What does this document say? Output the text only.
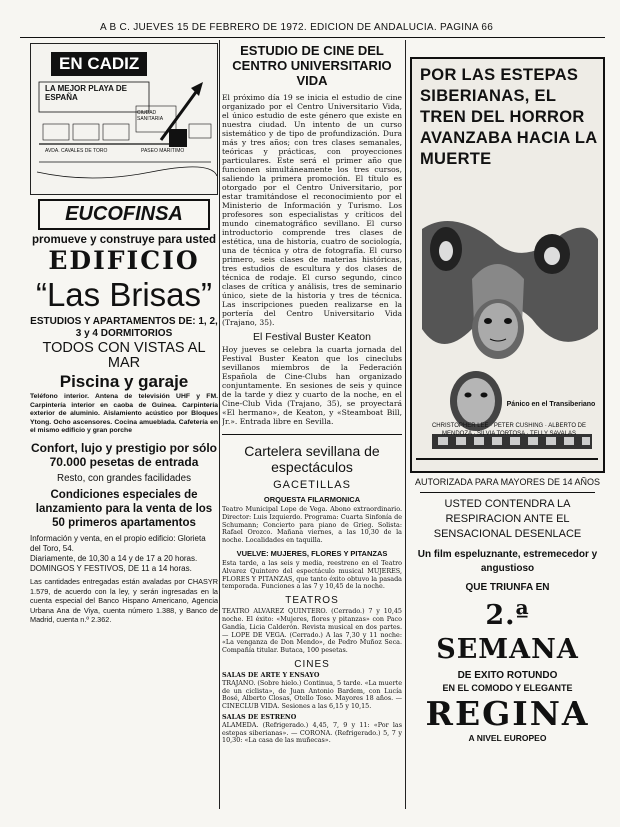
A B C. JUEVES 15 DE FEBRERO DE 1972. EDICION DE ANDALUCIA. PAGINA 66
EN CADIZ
LA MEJOR PLAYA DE ESPAÑA
AVDA. CAVALES DE TORO
CIUDAD SANITARIA
PASEO MARITIMO
EUCOFINSA

promueve y construye para usted

EDIFICIO

“Las Brisas”

ESTUDIOS Y APARTAMENTOS DE: 1, 2, 3 y 4 DORMITORIOS

TODOS CON VISTAS AL MAR

Piscina y garaje

Teléfono interior. Antena de televisión UHF y FM. Carpintería interior en caoba de Guinea. Carpintería exterior de aluminio. Aislamiento acústico por Bloques Ytong. Ocho ascensores. Cocina amueblada. Cafetería en el mismo edificio y gran porche

Confort, lujo y prestigio por sólo 70.000 pesetas de entrada

Resto, con grandes facilidades

Condiciones especiales de lanzamiento para la venta de los 50 primeros apartamentos

Información y venta, en el propio edificio: Glorieta del Toro, 54.

Diariamente, de 10,30 a 14 y de 17 a 20 horas.

DOMINGOS Y FESTIVOS, DE 11 a 14 horas.

Las cantidades entregadas están avaladas por CHASYR 1.579, de acuerdo con la ley, y serán ingresadas en la cuenta especial del Banco Hispano Americano, Agencia Urbana Ana de Viya, cuenta número 1.388, y Banco de Madrid, cuenta n.º 2.362.

ESTUDIO DE CINE DEL CENTRO UNIVERSITARIO VIDA

El próximo día 19 se inicia el estudio de cine organizado por el Centro Universitario Vida, el único estudio de este género que existe en nuestra ciudad. Un intento de un curso sistemático y de tipo de profundización. Dura más y tres años; con tres clases semanales, teóricas y prácticas, con proyecciones particulares. Este será el primer año que funcionen simultáneamente los tres cursos, saliendo la primera promoción. El título es otorgado por el Centro Universitario, por estar tramitándose el reconocimiento por el Ministerio de Información y Turismo. Los profesores son especialistas y críticos del mundo cinematográfico sevillano. El curso introductorio comprende tres clases de estética, una de historia, cuatro de sociología, una de técnica y otra de fotografía. El curso primero, seis clases de materias históricas, tres estudios de escultura y dos clases de técnica de rodaje. El curso segundo, cinco clases de crítica y análisis, tres de seminario único, siete de la historia y tres de técnica. Las inscripciones pueden realizarse en la portería del Centro Universitario Vida (Trajano, 35).

El Festival Buster Keaton

Hoy jueves se celebra la cuarta jornada del Festival Buster Keaton que los cineclubs sevillanos miembros de la Federación Española de Cine-Clubs han organizado conjuntamente. En sesiones de seis y quince de la tarde y diez y cuarto de la noche, en el Cine-Club Vida (Trajano, 35), se proyectará «El hermano», de Keaton, y «Steamboat Bill, Jr.». Entrada libre en Sevilla.

Cartelera sevillana de espectáculos

GACETILLAS

ORQUESTA FILARMONICA

Teatro Municipal Lope de Vega. Abono extraordinario. Director: Luis Izquierdo. Programa: Cuarta Sinfonía de Schumann; Concierto para piano de Grieg. Solista: Rafael Orozco. Mañana viernes, a las 10,30 de la noche. Localidades en taquilla.

VUELVE: MUJERES, FLORES Y PITANZAS

Esta tarde, a las seis y media, reestreno en el Teatro Alvarez Quintero del espectáculo musical MUJERES, FLORES Y PITANZAS, que tanto éxito obtuvo la pasada temporada. Funciones a las 7 y 10,45 de la noche.

TEATROS

TEATRO ALVAREZ QUINTERO. (Cerrado.) 7 y 10,45 noche. El éxito: «Mujeres, flores y pitanzas» con Paco Gandía, Licia Calderón. Revista musical en dos partes. — LOPE DE VEGA. (Cerrado.) A las 7,30 y 11 noche: «La venganza de Don Mendo», de Pedro Muñoz Seca. Compañía titular. Butaca, 100 pesetas.

CINES

SALAS DE ARTE Y ENSAYO

TRAJANO. (Sobre hielo.) Continua, 5 tarde. «La muerte de un ciclista», de Juan Antonio Bardem, con Lucía Bosé, Alberto Closas, Otello Toso. Mayores 18 años. — CINECLUB VIDA. Sesiones a las 6,15 y 10,15.

SALAS DE ESTRENO

ALAMEDA. (Refrigerado.) 4,45, 7, 9 y 11: «Por las estepas siberianas». — CORONA. (Refrigerado.) 5, 7 y 10,30: «La casa de las muñecas».

POR LAS ESTEPAS SIBERIANAS, EL TREN DEL HORROR AVANZABA HACIA LA MUERTE

Pánico en el Transiberiano

CHRISTOPHER LEE · PETER CUSHING · ALBERTO DE MENDOZA · SILVIA TORTOSA · TELLY SAVALAS

AUTORIZADA PARA MAYORES DE 14 AÑOS

USTED CONTENDRA LA RESPIRACION ANTE EL SENSACIONAL DESENLACE

Un film espeluznante, estremecedor y angustioso

QUE TRIUNFA EN

2.ª SEMANA

DE EXITO ROTUNDO

EN EL COMODO Y ELEGANTE

REGINA

A NIVEL EUROPEO
